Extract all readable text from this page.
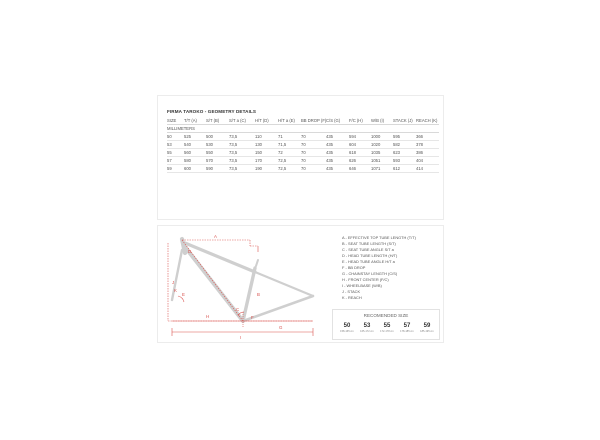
FIRMA TAROKO - GEOMETRY DETAILS
SIZE	T/T (A)	S/T (B)	S/T a (C)	H/T (D)	H/T a (E)	BB DROP (F)	C/S (G)	F/C (H)	W/B (I)	STACK (J)	REACH (K)
MILLIMETERS											
50	525	500	73,5	110	71	70	435	594	1000	595	366
53	540	530	73,5	130	71,5	70	435	604	1020	582	378
55	560	550	73,5	150	72	70	435	618	1035	623	386
57	580	570	73,5	170	72,5	70	435	626	1051	593	404
59	600	590	73,5	190	72,5	70	435	646	1071	612	414
A
B
C
D
E
F
G
H
I
J
K
A - EFFECTIVE TOP TUBE LENGTH (T/T)
B - SEAT TUBE LENGTH (S/T)
C - SEAT TUBE ANGLE S/T a
D - HEAD TUBE LENGTH (H/T)
E - HEAD TUBE ANGLE H/T a
F - BB DROP
G - CHAINSTAY LENGTH (C/S)
H - FRONT CENTER (F/C)
I - WHEELBASE (W/B)
J - STACK
K - REACH
RECOMENDED SIZE
50
158-165 cm
53
165-172 cm
55
172-178 cm
57
178-185 cm
59
185-195 cm
